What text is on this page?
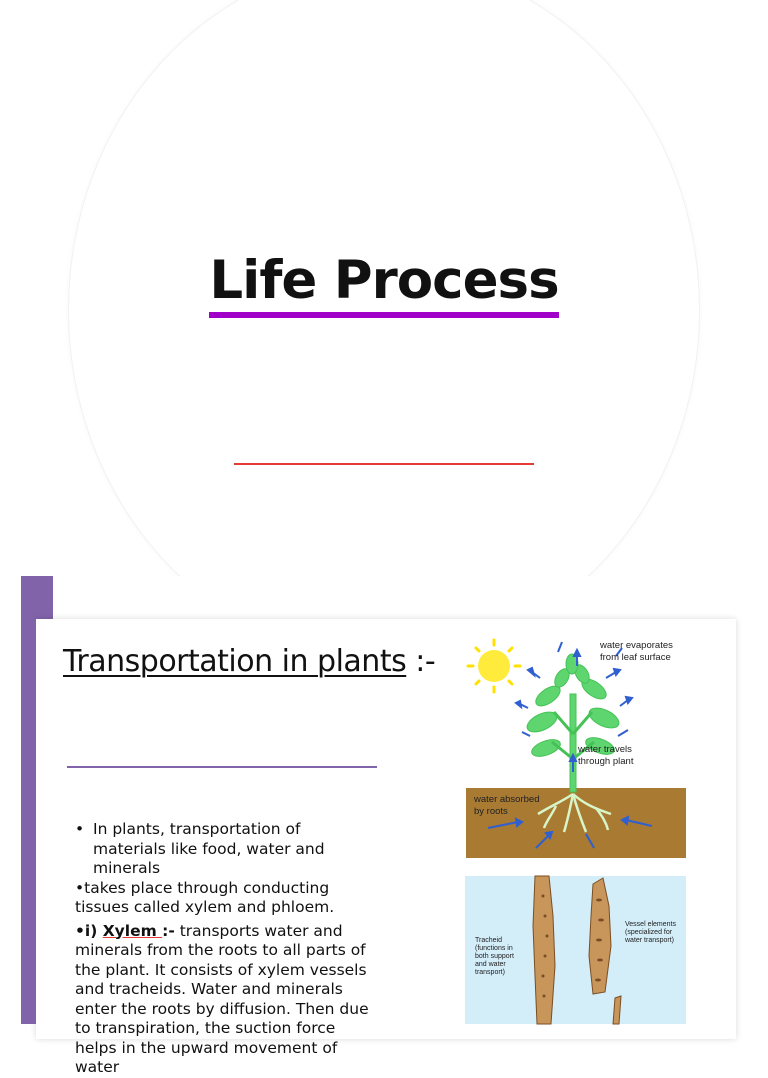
Life Process
Transportation in plants :-
• In plants, transportation of materials like food, water and minerals
•takes place through conducting tissues called xylem and phloem.
•i) Xylem :- transports water and minerals from the roots to all parts of the plant. It consists of xylem vessels and tracheids. Water and minerals enter the roots by diffusion. Then due to transpiration, the suction force helps in the upward movement of water
water evaporates
from leaf surface
water travels
through plant
water absorbed
by roots
Tracheid
(functions in
both support
and water
transport)
Vessel elements
(specialized for
water transport)
